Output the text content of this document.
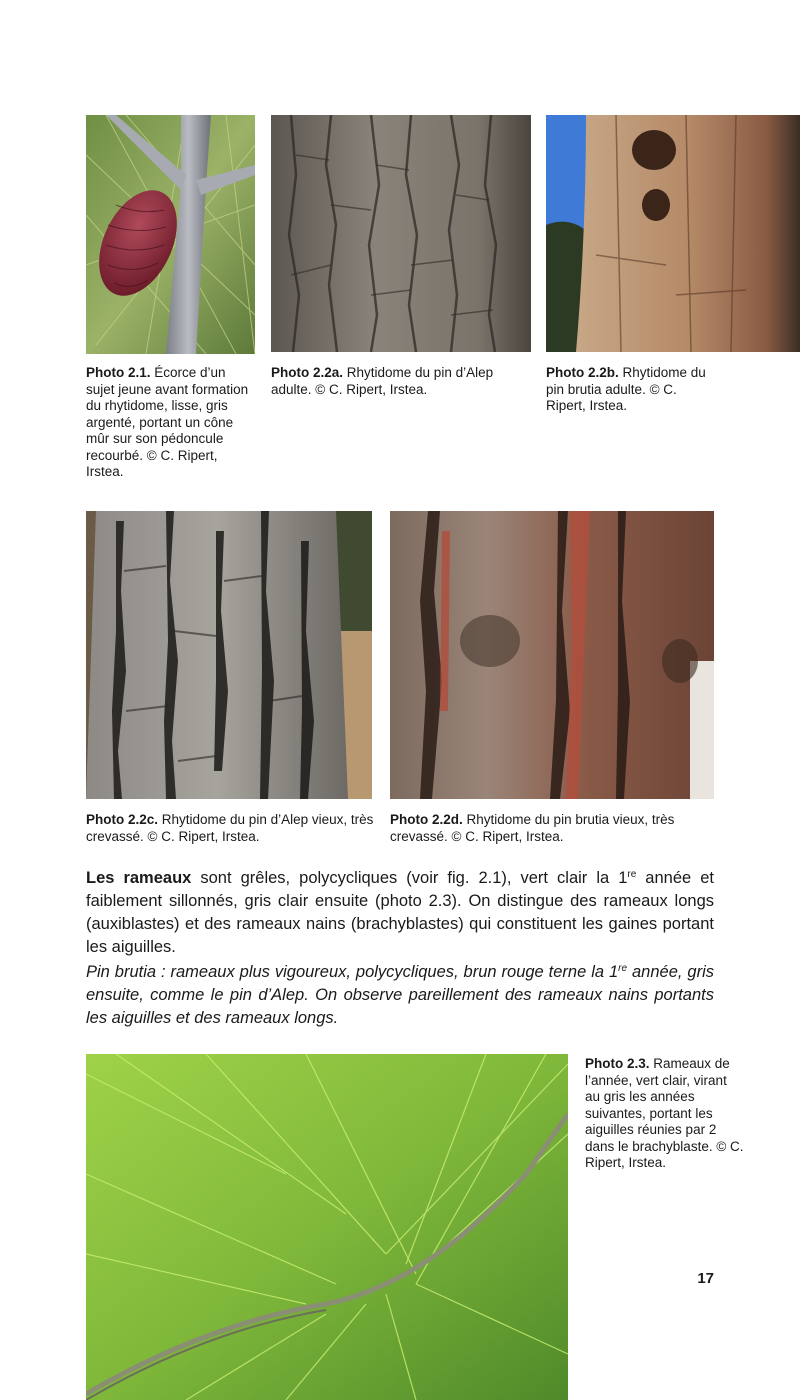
Photo 2.1. Écorce d’un sujet jeune avant formation du rhytidome, lisse, gris argenté, portant un cône mûr sur son pédoncule recourbé. © C. Ripert, Irstea.
Photo 2.2a. Rhytidome du pin d’Alep adulte. © C. Ripert, Irstea.
Photo 2.2b. Rhytidome du pin brutia adulte. © C. Ripert, Irstea.
Photo 2.2c. Rhytidome du pin d’Alep vieux, très crevassé. © C. Ripert, Irstea.
Photo 2.2d. Rhytidome du pin brutia vieux, très crevassé. © C. Ripert, Irstea.

Les rameaux sont grêles, polycycliques (voir fig. 2.1), vert clair la 1re année et faiblement sillonnés, gris clair ensuite (photo 2.3). On distingue des rameaux longs (auxiblastes) et des rameaux nains (brachyblastes) qui constituent les gaines portant les aiguilles.

Pin brutia : rameaux plus vigoureux, polycycliques, brun rouge terne la 1re année, gris ensuite, comme le pin d’Alep. On observe pareillement des rameaux nains portants les aiguilles et des rameaux longs.

Photo 2.3. Rameaux de l’année, vert clair, virant au gris les années suivantes, portant les aiguilles réunies par 2 dans le brachyblaste. © C. Ripert, Irstea.
17
